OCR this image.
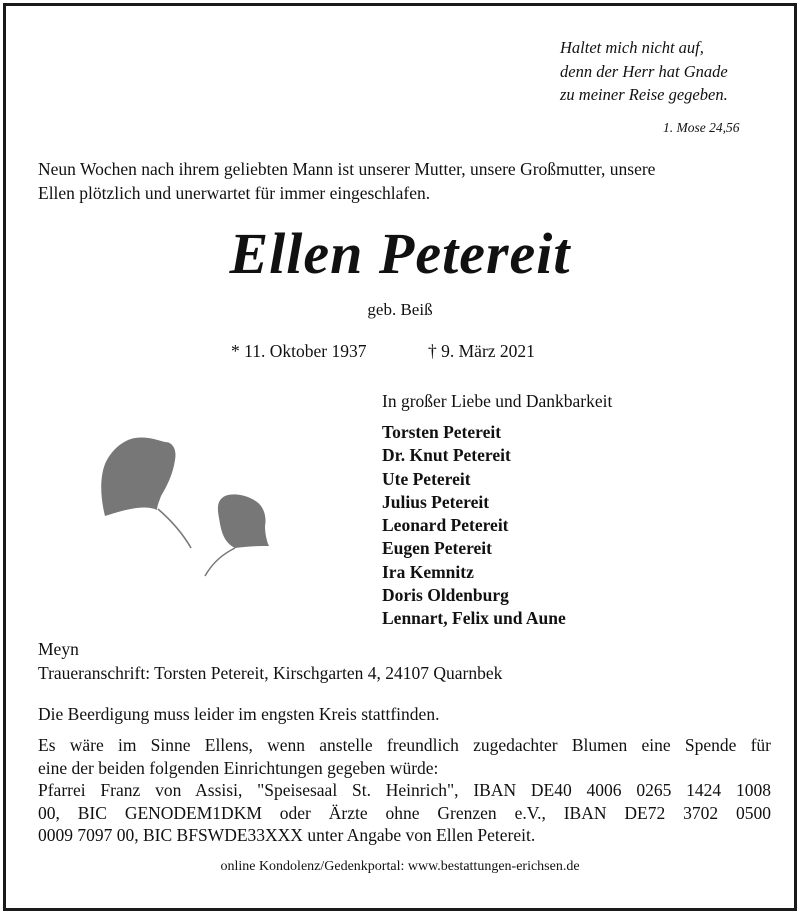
Haltet mich nicht auf,
denn der Herr hat Gnade
zu meiner Reise gegeben.
1. Mose 24,56
Neun Wochen nach ihrem geliebten Mann ist unserer Mutter, unsere Großmutter, unsere
Ellen plötzlich und unerwartet für immer eingeschlafen.
Ellen Petereit
geb. Beiß
* 11. Oktober 1937	† 9. März 2021
In großer Liebe und Dankbarkeit
Torsten Petereit
Dr. Knut Petereit
Ute Petereit
Julius Petereit
Leonard Petereit
Eugen Petereit
Ira Kemnitz
Doris Oldenburg
Lennart, Felix und Aune
Meyn
Traueranschrift: Torsten Petereit, Kirschgarten 4, 24107 Quarnbek
Die Beerdigung muss leider im engsten Kreis stattfinden.
Es wäre im Sinne Ellens, wenn anstelle freundlich zugedachter Blumen eine Spende für
eine der beiden folgenden Einrichtungen gegeben würde:
Pfarrei Franz von Assisi, "Speisesaal St. Heinrich", IBAN DE40 4006 0265 1424 1008
00, BIC GENODEM1DKM oder Ärzte ohne Grenzen e.V., IBAN DE72 3702 0500
0009 7097 00, BIC BFSWDE33XXX unter Angabe von Ellen Petereit.
online Kondolenz/Gedenkportal: www.bestattungen-erichsen.de
